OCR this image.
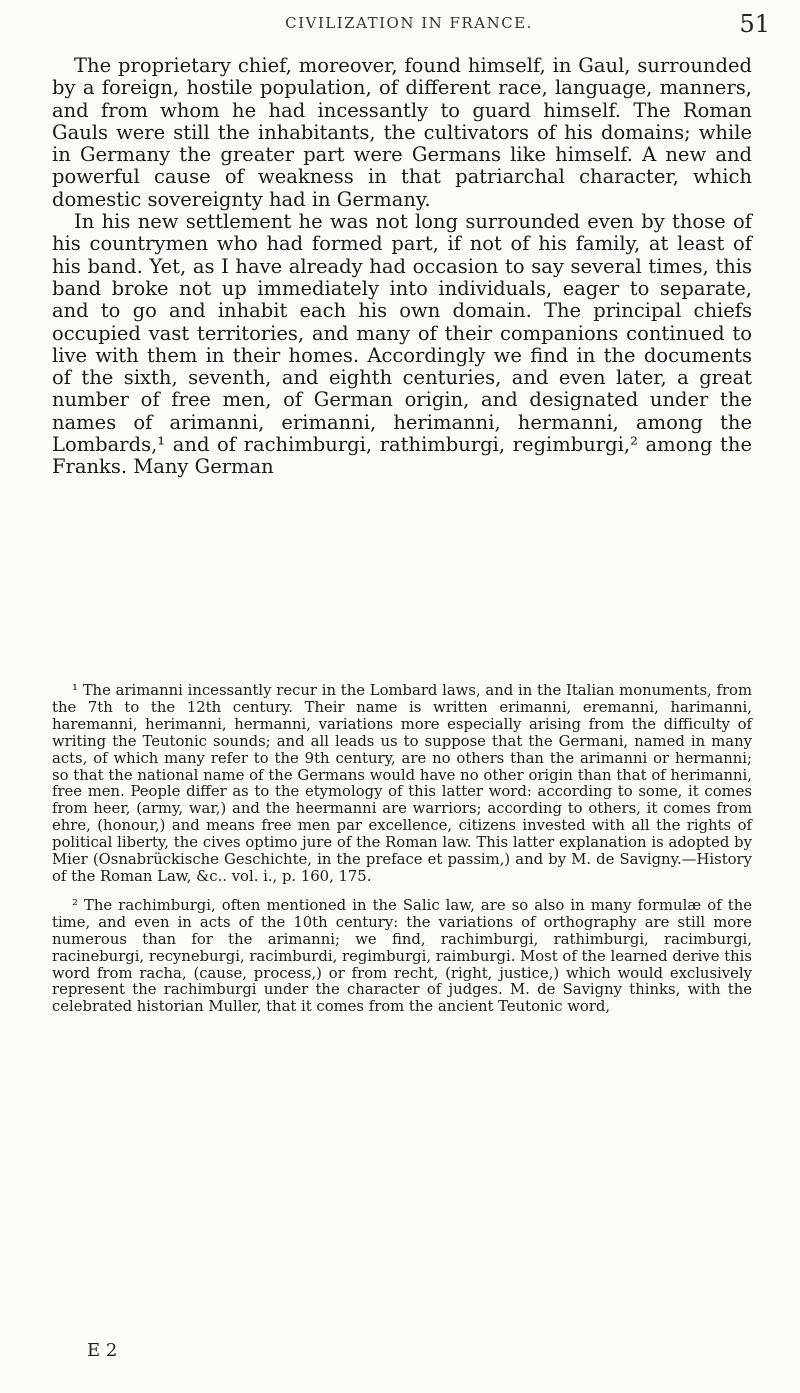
CIVILIZATION IN FRANCE.	51

The proprietary chief, moreover, found himself, in Gaul, surrounded by a foreign, hostile population, of different race, language, manners, and from whom he had incessantly to guard himself. The Roman Gauls were still the inhabitants, the cultivators of his domains; while in Germany the greater part were Germans like himself. A new and powerful cause of weakness in that patriarchal character, which domestic sovereignty had in Germany.

In his new settlement he was not long surrounded even by those of his countrymen who had formed part, if not of his family, at least of his band. Yet, as I have already had occasion to say several times, this band broke not up immediately into individuals, eager to separate, and to go and inhabit each his own domain. The principal chiefs occupied vast territories, and many of their companions continued to live with them in their homes. Accordingly we find in the documents of the sixth, seventh, and eighth centuries, and even later, a great number of free men, of German origin, and designated under the names of arimanni, erimanni, herimanni, hermanni, among the Lombards,¹ and of rachimburgi, rathimburgi, regimburgi,² among the Franks. Many German

¹ The arimanni incessantly recur in the Lombard laws, and in the Italian monuments, from the 7th to the 12th century. Their name is written erimanni, eremanni, harimanni, haremanni, herimanni, hermanni, variations more especially arising from the difficulty of writing the Teutonic sounds; and all leads us to suppose that the Germani, named in many acts, of which many refer to the 9th century, are no others than the arimanni or hermanni; so that the national name of the Germans would have no other origin than that of herimanni, free men. People differ as to the etymology of this latter word: according to some, it comes from heer, (army, war,) and the heermanni are warriors; according to others, it comes from ehre, (honour,) and means free men par excellence, citizens invested with all the rights of political liberty, the cives optimo jure of the Roman law. This latter explanation is adopted by Mier (Osnabrückische Geschichte, in the preface et passim,) and by M. de Savigny.—History of the Roman Law, &c.. vol. i., p. 160, 175.

² The rachimburgi, often mentioned in the Salic law, are so also in many formulæ of the time, and even in acts of the 10th century: the variations of orthography are still more numerous than for the arimanni; we find, rachimburgi, rathimburgi, racimburgi, racineburgi, recyneburgi, racimburdi, regimburgi, raimburgi. Most of the learned derive this word from racha, (cause, process,) or from recht, (right, justice,) which would exclusively represent the rachimburgi under the character of judges. M. de Savigny thinks, with the celebrated historian Muller, that it comes from the ancient Teutonic word,

E 2
